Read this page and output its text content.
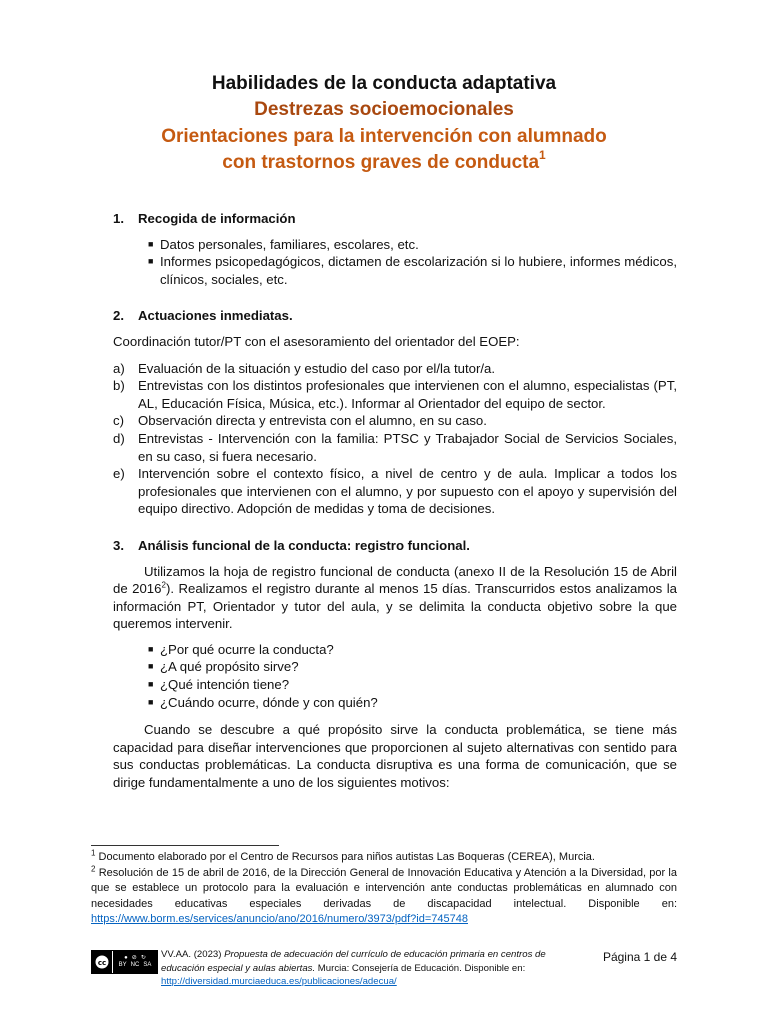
Habilidades de la conducta adaptativa
Destrezas socioemocionales
Orientaciones para la intervención con alumnado
con trastornos graves de conducta$^1$
1.	Recogida de información
■ Datos personales, familiares, escolares, etc.
■ Informes psicopedagógicos, dictamen de escolarización si lo hubiere, informes médicos, clínicos, sociales, etc.
2.	Actuaciones inmediatas.

Coordinación tutor/PT con el asesoramiento del orientador del EOEP:

a)	Evaluación de la situación y estudio del caso por el/la tutor/a.
b)	Entrevistas con los distintos profesionales que intervienen con el alumno, especialistas (PT, AL, Educación Física, Música, etc.). Informar al Orientador del equipo de sector.
c)	Observación directa y entrevista con el alumno, en su caso.
d)	Entrevistas - Intervención con la familia: PTSC y Trabajador Social de Servicios Sociales, en su caso, si fuera necesario.
e)	Intervención sobre el contexto físico, a nivel de centro y de aula. Implicar a todos los profesionales que intervienen con el alumno, y por supuesto con el apoyo y supervisión del equipo directivo. Adopción de medidas y toma de decisiones.
3.	Análisis funcional de la conducta: registro funcional.

Utilizamos la hoja de registro funcional de conducta (anexo II de la Resolución 15 de Abril de 2016$^2$). Realizamos el registro durante al menos 15 días. Transcurridos estos analizamos la información PT, Orientador y tutor del aula, y se delimita la conducta objetivo sobre la que queremos intervenir.

■ ¿Por qué ocurre la conducta?
■ ¿A qué propósito sirve?
■ ¿Qué intención tiene?
■ ¿Cuándo ocurre, dónde y con quién?

Cuando se descubre a qué propósito sirve la conducta problemática, se tiene más capacidad para diseñar intervenciones que proporcionen al sujeto alternativas con sentido para sus conductas problemáticas. La conducta disruptiva es una forma de comunicación, que se dirige fundamentalmente a uno de los siguientes motivos:

$^1$ Documento elaborado por el Centro de Recursos para niños autistas Las Boqueras (CEREA), Murcia.

$^2$ Resolución de 15 de abril de 2016, de la Dirección General de Innovación Educativa y Atención a la Diversidad, por la que se establece un protocolo para la evaluación e intervención ante conductas problemáticas en alumnado con necesidades educativas especiales derivadas de discapacidad intelectual. Disponible en: https://www.borm.es/services/anuncio/ano/2016/numero/3973/pdf?id=745748

cc
● ⊘ ↻
BY NC SA
VV.AA. (2023) Propuesta de adecuación del currículo de educación primaria en centros de educación especial y aulas abiertas. Murcia: Consejería de Educación. Disponible en:
http://diversidad.murciaeduca.es/publicaciones/adecua/
Página 1 de 4
